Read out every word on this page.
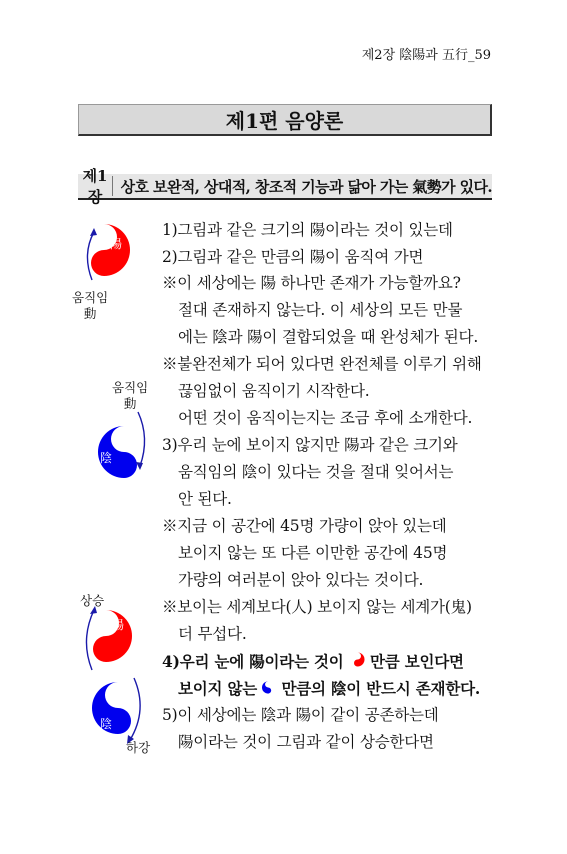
제2장 陰陽과 五行_59
제1편 음양론
제1장
상호 보완적, 상대적, 창조적 기능과 닮아 가는 氣勢가 있다.
陽
움직임
動
움직임
動
陰
상승
陽
陰
하강
1)그림과 같은 크기의 陽이라는 것이 있는데
2)그림과 같은 만큼의 陽이 움직여 가면
※이 세상에는 陽 하나만 존재가 가능할까요?
절대 존재하지 않는다. 이 세상의 모든 만물
에는 陰과 陽이 결합되었을 때 완성체가 된다.
※불완전체가 되어 있다면 완전체를 이루기 위해
끊임없이 움직이기 시작한다.
어떤 것이 움직이는지는 조금 후에 소개한다.
3)우리 눈에 보이지 않지만 陽과 같은 크기와
움직임의 陰이 있다는 것을 절대 잊어서는
안 된다.
※지금 이 공간에 45명 가량이 앉아 있는데
보이지 않는 또 다른 이만한 공간에 45명
가량의 여러분이 앉아 있다는 것이다.
※보이는 세계보다(人) 보이지 않는 세계가(鬼)
더 무섭다.
4)우리 눈에 陽이라는 것이 만큼 보인다면
보이지 않는 만큼의 陰이 반드시 존재한다.
5)이 세상에는 陰과 陽이 같이 공존하는데
陽이라는 것이 그림과 같이 상승한다면
